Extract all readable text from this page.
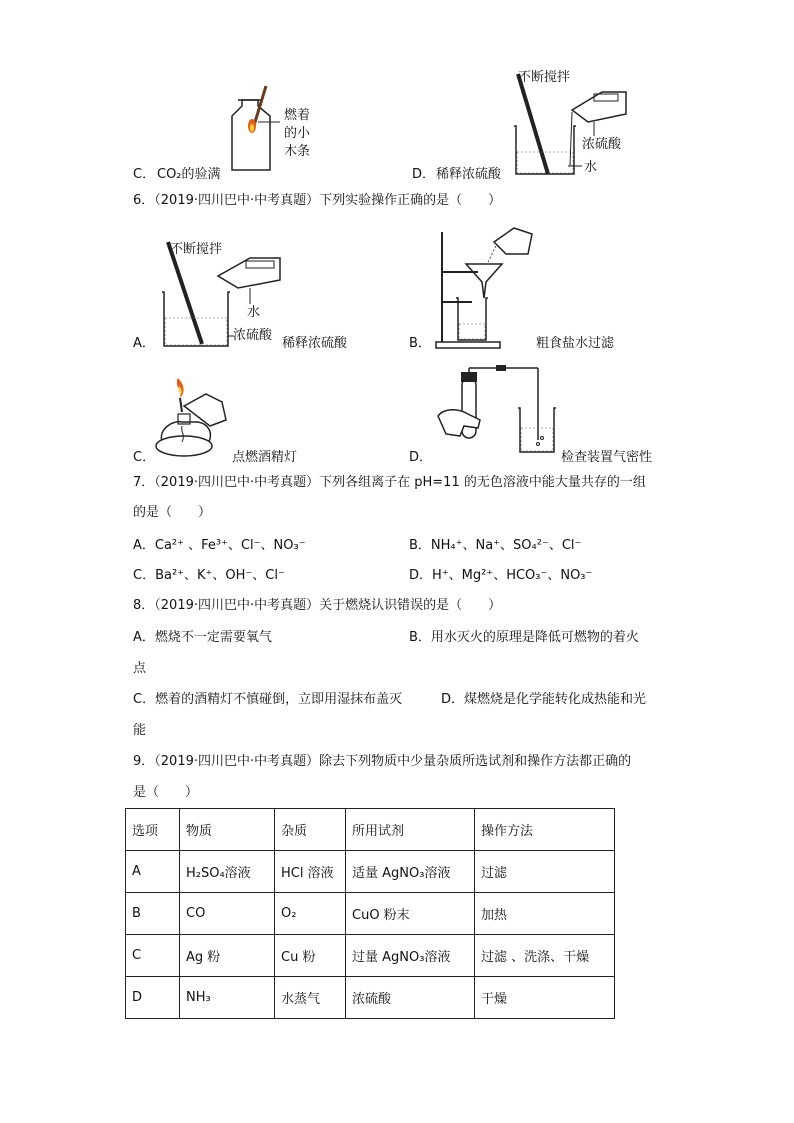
燃着
的小
木条
C． CO₂的验满
不断搅拌
浓硫酸
水
D． 稀释浓硫酸
6．（2019·四川巴中·中考真题）下列实验操作正确的是（　　）
不断搅拌
水
浓硫酸
A．	稀释浓硫酸	B．	粗食盐水过滤
C．	点燃酒精灯	D．	检查装置气密性
7．（2019·四川巴中·中考真题）下列各组离子在 pH=11 的无色溶液中能大量共存的一组
的是（　　）
A．Ca²⁺ 、Fe³⁺、Cl⁻、NO₃⁻	B．NH₄⁺、Na⁺、SO₄²⁻、Cl⁻
C．Ba²⁺、K⁺、OH⁻、Cl⁻	D．H⁺、Mg²⁺、HCO₃⁻、NO₃⁻
8．（2019·四川巴中·中考真题）关于燃烧认识错误的是（　　）
A．燃烧不一定需要氧气	B．用水灭火的原理是降低可燃物的着火
点
C．燃着的酒精灯不慎碰倒，立即用湿抹布盖灭	D．煤燃烧是化学能转化成热能和光
能
9．（2019·四川巴中·中考真题）除去下列物质中少量杂质所选试剂和操作方法都正确的
是（　　）
选项	物质	杂质	所用试剂	操作方法
A	H₂SO₄溶液	HCl 溶液	适量 AgNO₃溶液	过滤
B	CO	O₂	CuO 粉末	加热
C	Ag 粉	Cu 粉	过量 AgNO₃溶液	过滤 、洗涤、干燥
D	NH₃	水蒸气	浓硫酸	干燥
